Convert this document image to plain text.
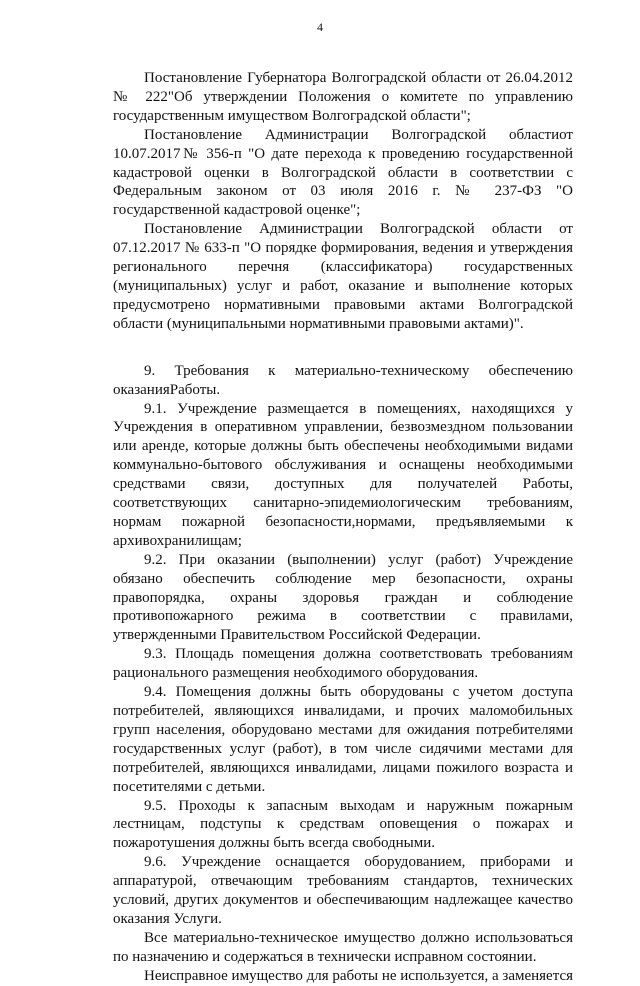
4

Постановление Губернатора Волгоградской области от 26.04.2012 № 222"Об утверждении Положения о комитете по управлению государственным имуществом Волгоградской области";

Постановление Администрации Волгоградской областиот 10.07.2017№ 356-п "О дате перехода к проведению государственной кадастровой оценки в Волгоградской области в соответствии с Федеральным законом от 03 июля 2016 г. № 237-ФЗ "О государственной кадастровой оценке";

Постановление Администрации Волгоградской области от 07.12.2017 № 633-п "О порядке формирования, ведения и утверждения регионального перечня (классификатора) государственных (муниципальных) услуг и работ, оказание и выполнение которых предусмотрено нормативными правовыми актами Волгоградской области (муниципальными нормативными правовыми актами)".

9. Требования к материально-техническому обеспечению оказанияРаботы.

9.1. Учреждение размещается в помещениях, находящихся у Учреждения в оперативном управлении, безвозмездном пользовании или аренде, которые должны быть обеспечены необходимыми видами коммунально-бытового обслуживания и оснащены необходимыми средствами связи, доступных для получателей Работы, соответствующих санитарно-эпидемиологическим требованиям, нормам пожарной безопасности,нормами, предъявляемыми к архивохранилищам;

9.2. При оказании (выполнении) услуг (работ) Учреждение обязано обеспечить соблюдение мер безопасности, охраны правопорядка, охраны здоровья граждан и соблюдение противопожарного режима в соответствии с правилами, утвержденными Правительством Российской Федерации.

9.3. Площадь помещения должна соответствовать требованиям рационального размещения необходимого оборудования.

9.4. Помещения должны быть оборудованы с учетом доступа потребителей, являющихся инвалидами, и прочих маломобильных групп населения, оборудовано местами для ожидания потребителями государственных услуг (работ), в том числе сидячими местами для потребителей, являющихся инвалидами, лицами пожилого возраста и посетителями с детьми.

9.5. Проходы к запасным выходам и наружным пожарным лестницам, подступы к средствам оповещения о пожарах и пожаротушения должны быть всегда свободными.

9.6. Учреждение оснащается оборудованием, приборами и аппаратурой, отвечающим требованиям стандартов, технических условий, других документов и обеспечивающим надлежащее качество оказания Услуги.

Все материально-техническое имущество должно использоваться по назначению и содержаться в технически исправном состоянии.

Неисправное имущество для работы не используется, а заменяется
